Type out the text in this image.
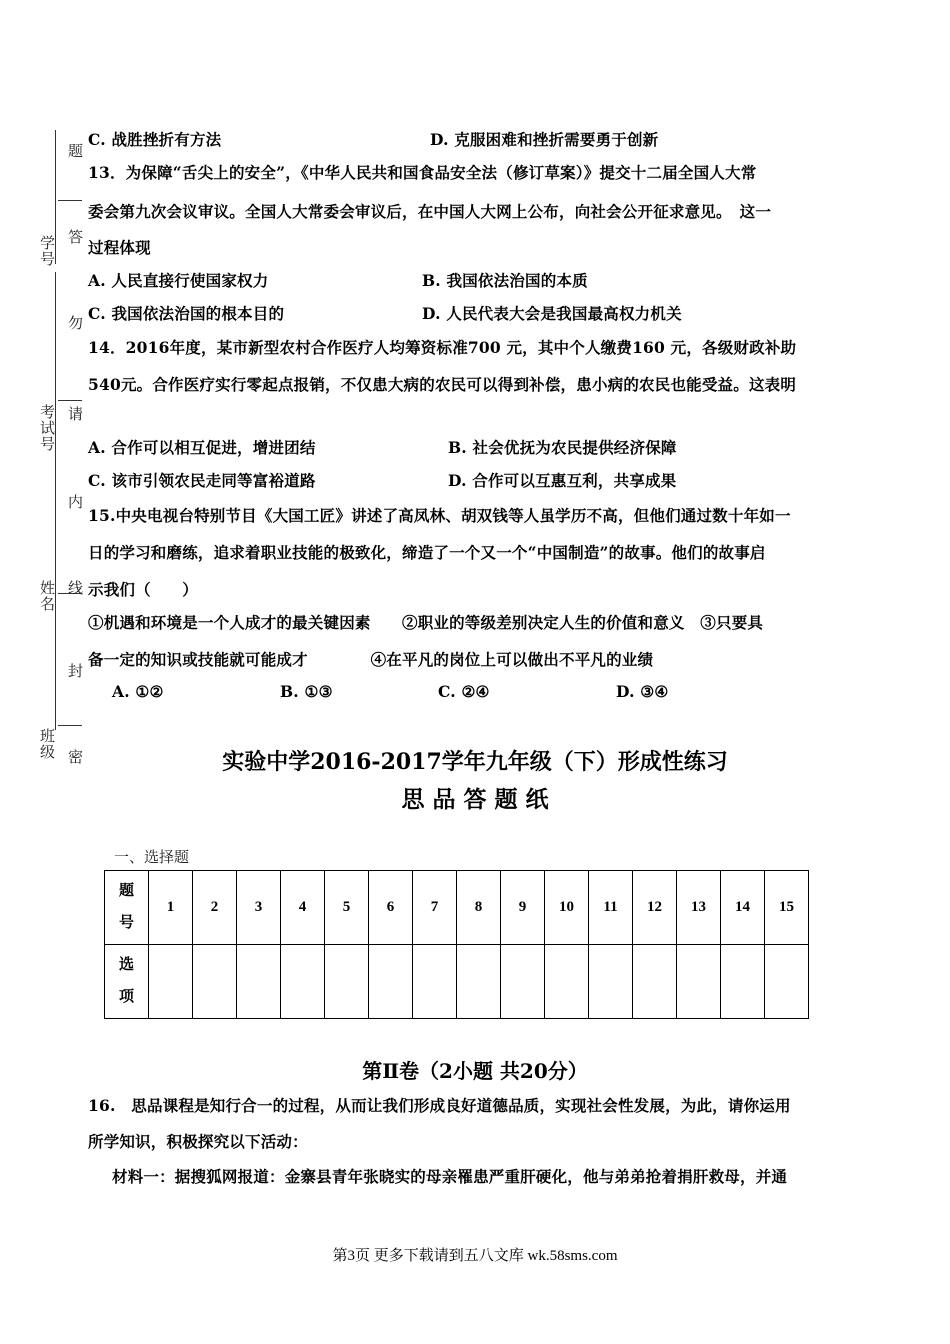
学号
考试号
姓名
班级
题
答
勿
请
内
线
封
密
C. 战胜挫折有方法	D. 克服困难和挫折需要勇于创新
13．为保障“舌尖上的安全”，《中华人民共和国食品安全法（修订草案）》提交十二届全国人大常
委会第九次会议审议。全国人大常委会审议后，在中国人大网上公布，向社会公开征求意见。　这一
过程体现
A. 人民直接行使国家权力	B. 我国依法治国的本质
C. 我国依法治国的根本目的	D. 人民代表大会是我国最高权力机关
14．2016年度，某市新型农村合作医疗人均筹资标准700 元，其中个人缴费160 元，各级财政补助
540元。合作医疗实行零起点报销，不仅患大病的农民可以得到补偿，患小病的农民也能受益。这表明
A. 合作可以相互促进，增进团结	B. 社会优抚为农民提供经济保障
C. 该市引领农民走同等富裕道路	D. 合作可以互惠互利，共享成果
15.中央电视台特别节目《大国工匠》讲述了高凤林、胡双钱等人虽学历不高，但他们通过数十年如一
日的学习和磨练，追求着职业技能的极致化，缔造了一个又一个“中国制造”的故事。他们的故事启
示我们（　　）
①机遇和环境是一个人成才的最关键因素　　②职业的等级差别决定人生的价值和意义　③只要具
备一定的知识或技能就可能成才　　　　④在平凡的岗位上可以做出不平凡的业绩
A. ①②	B. ①③	C. ②④	D. ③④
实验中学2016-2017学年九年级（下）形成性练习
思 品 答 题 纸
一、选择题
题号	1	2	3	4	5	6	7	8	9	10	11	12	13	14	15
选项															
第Ⅱ卷（2小题 共20分）
16.　思品课程是知行合一的过程，从而让我们形成良好道德品质，实现社会性发展，为此，请你运用
所学知识，积极探究以下活动：
材料一：据搜狐网报道：金寨县青年张晓实的母亲罹患严重肝硬化，他与弟弟抢着捐肝救母，并通
第3页 更多下载请到五八文库 wk.58sms.com
